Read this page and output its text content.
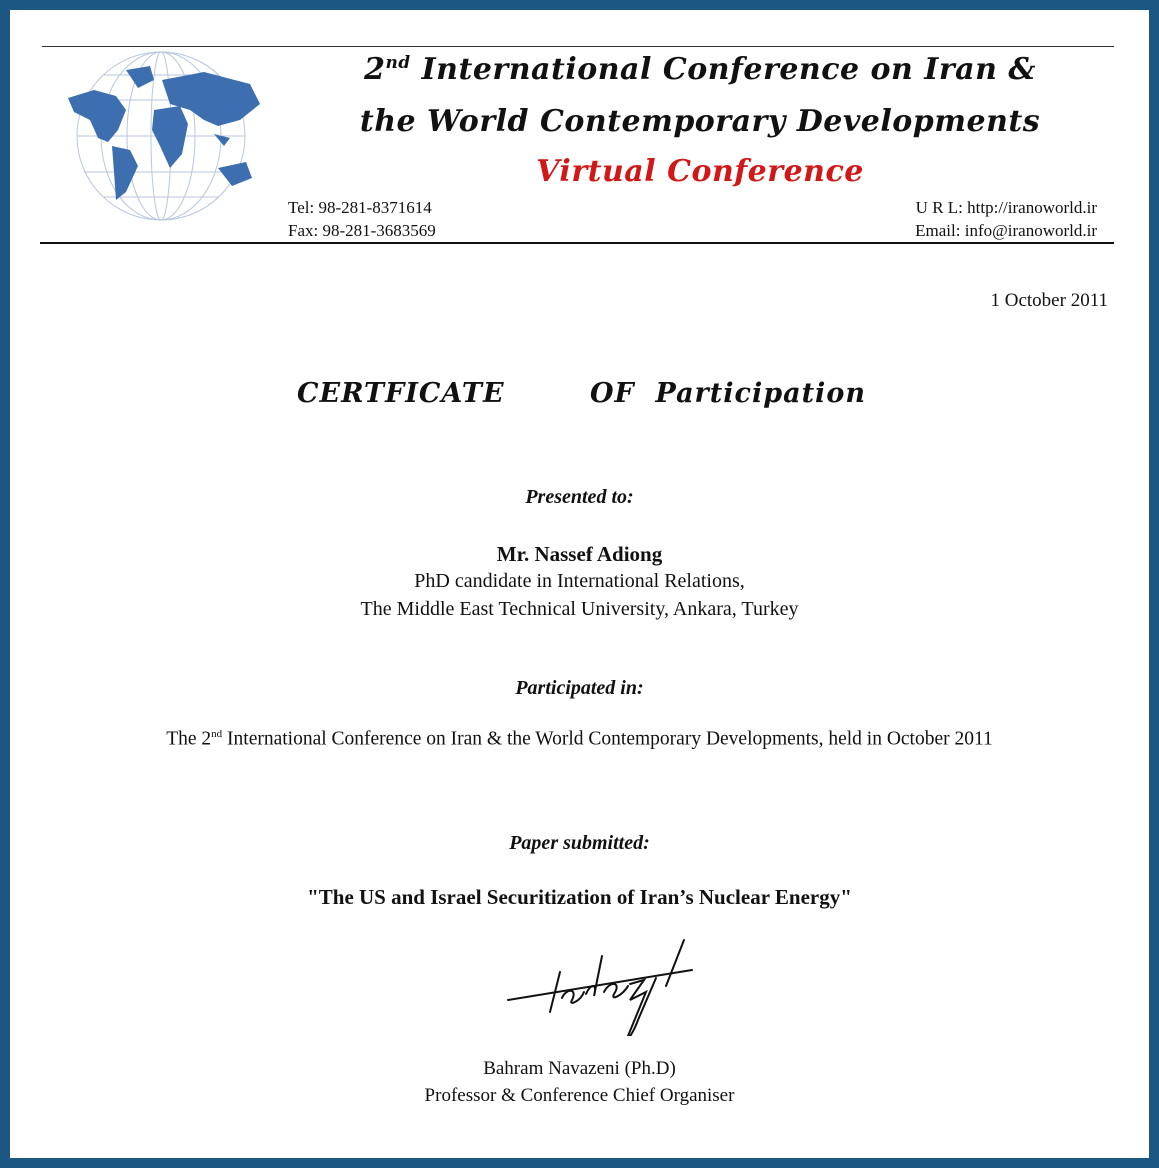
2nd International Conference on Iran &
the World Contemporary Developments
Virtual Conference
Tel: 98-281-8371614
Fax: 98-281-3683569
U R L: http://iranoworld.ir
Email: info@iranoworld.ir
1 October 2011
CERTFICATE	OF  Participation
Presented to:
Mr. Nassef Adiong
PhD candidate in International Relations,
The Middle East Technical University, Ankara, Turkey
Participated in:
The 2nd International Conference on Iran & the World Contemporary Developments, held in October 2011
Paper submitted:
"The US and Israel Securitization of Iran’s Nuclear Energy"
Bahram Navazeni (Ph.D)
Professor & Conference Chief Organiser
